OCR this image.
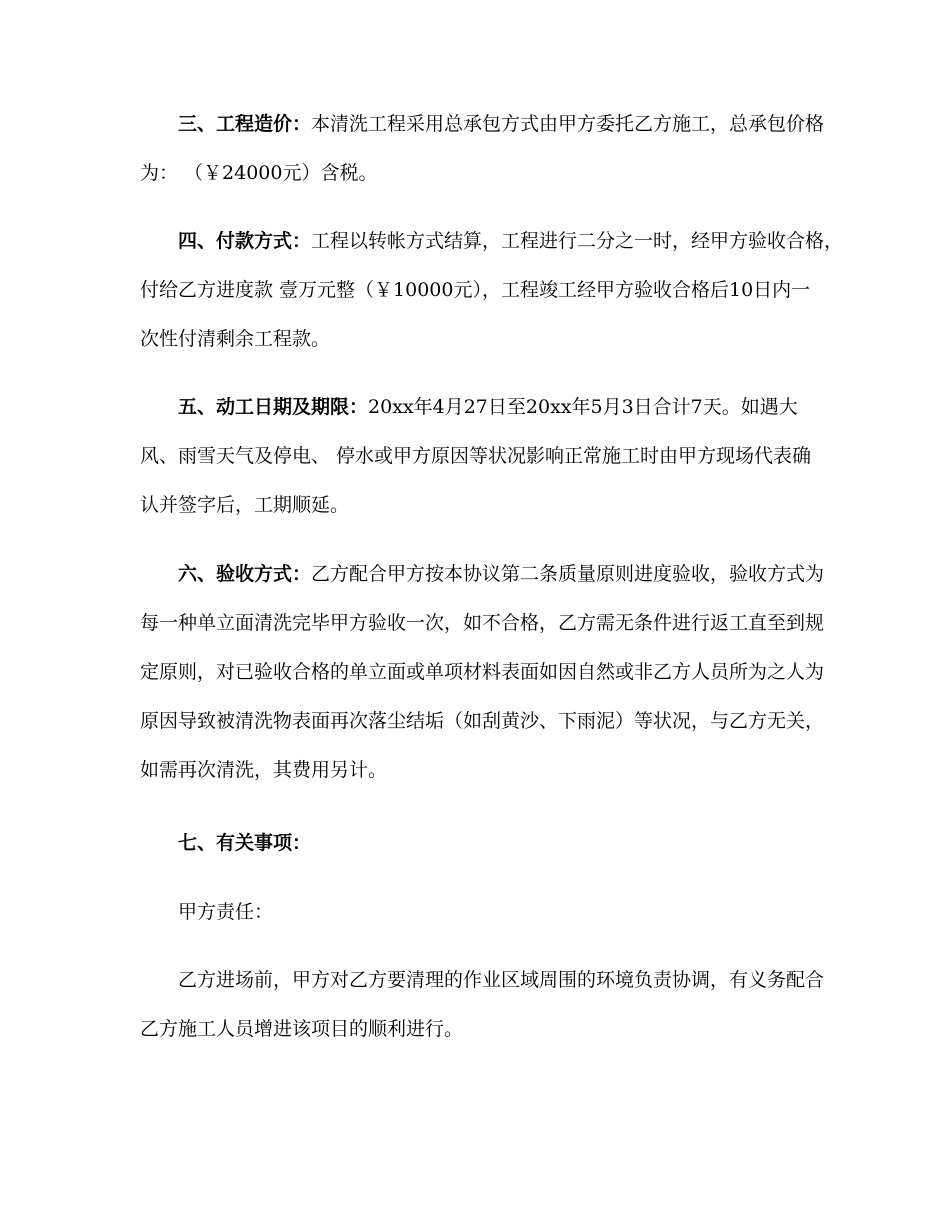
三、工程造价：本清洗工程采用总承包方式由甲方委托乙方施工，总承包价格
为： （￥24000元）含税。
四、付款方式：工程以转帐方式结算，工程进行二分之一时，经甲方验收合格，
付给乙方进度款 壹万元整（￥10000元），工程竣工经甲方验收合格后10日内一
次性付清剩余工程款。
五、动工日期及期限：20xx年4月27日至20xx年5月3日合计7天。如遇大
风、雨雪天气及停电、 停水或甲方原因等状况影响正常施工时由甲方现场代表确
认并签字后，工期顺延。
六、验收方式：乙方配合甲方按本协议第二条质量原则进度验收，验收方式为
每一种单立面清洗完毕甲方验收一次，如不合格，乙方需无条件进行返工直至到规
定原则，对已验收合格的单立面或单项材料表面如因自然或非乙方人员所为之人为
原因导致被清洗物表面再次落尘结垢（如刮黄沙、下雨泥）等状况，与乙方无关，
如需再次清洗，其费用另计。
七、有关事项：
甲方责任：
乙方进场前，甲方对乙方要清理的作业区域周围的环境负责协调，有义务配合
乙方施工人员增进该项目的顺利进行。
